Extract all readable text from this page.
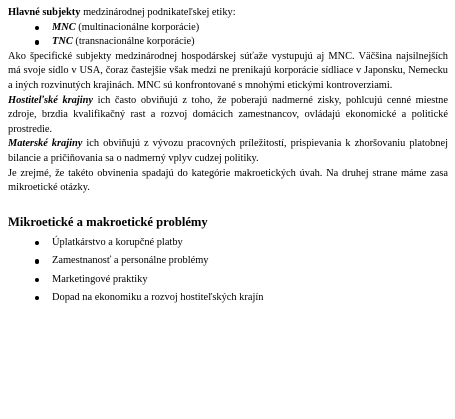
Hlavné subjekty medzinárodnej podnikateľskej etiky:

MNC (multinacionálne korporácie)
TNC (transnacionálne korporácie)

Ako špecifické subjekty medzinárodnej hospodárskej súťaže vystupujú aj MNC. Väčšina najsilnejších má svoje sídlo v USA, čoraz častejšie však medzi ne prenikajú korporácie sídliace v Japonsku, Nemecku a iných rozvinutých krajinách. MNC sú konfrontované s mnohými etickými kontroverziami.

Hostiteľské krajiny ich často obviňujú z toho, že poberajú nadmerné zisky, pohlcujú cenné miestne zdroje, brzdia kvalifikačný rast a rozvoj domácich zamestnancov, ovládajú ekonomické a politické prostredie.

Materské krajiny ich obviňujú z vývozu pracovných príležitostí, prispievania k zhoršovaniu platobnej bilancie a pričiňovania sa o nadmerný vplyv cudzej politiky.

Je zrejmé, že takéto obvinenia spadajú do kategórie makroetických úvah. Na druhej strane máme zasa mikroetické otázky.

Mikroetické a makroetické problémy
Úplatkárstvo a korupčné platby
Zamestnanosť a personálne problémy
Marketingové praktiky
Dopad na ekonomiku a rozvoj hostiteľských krajín
